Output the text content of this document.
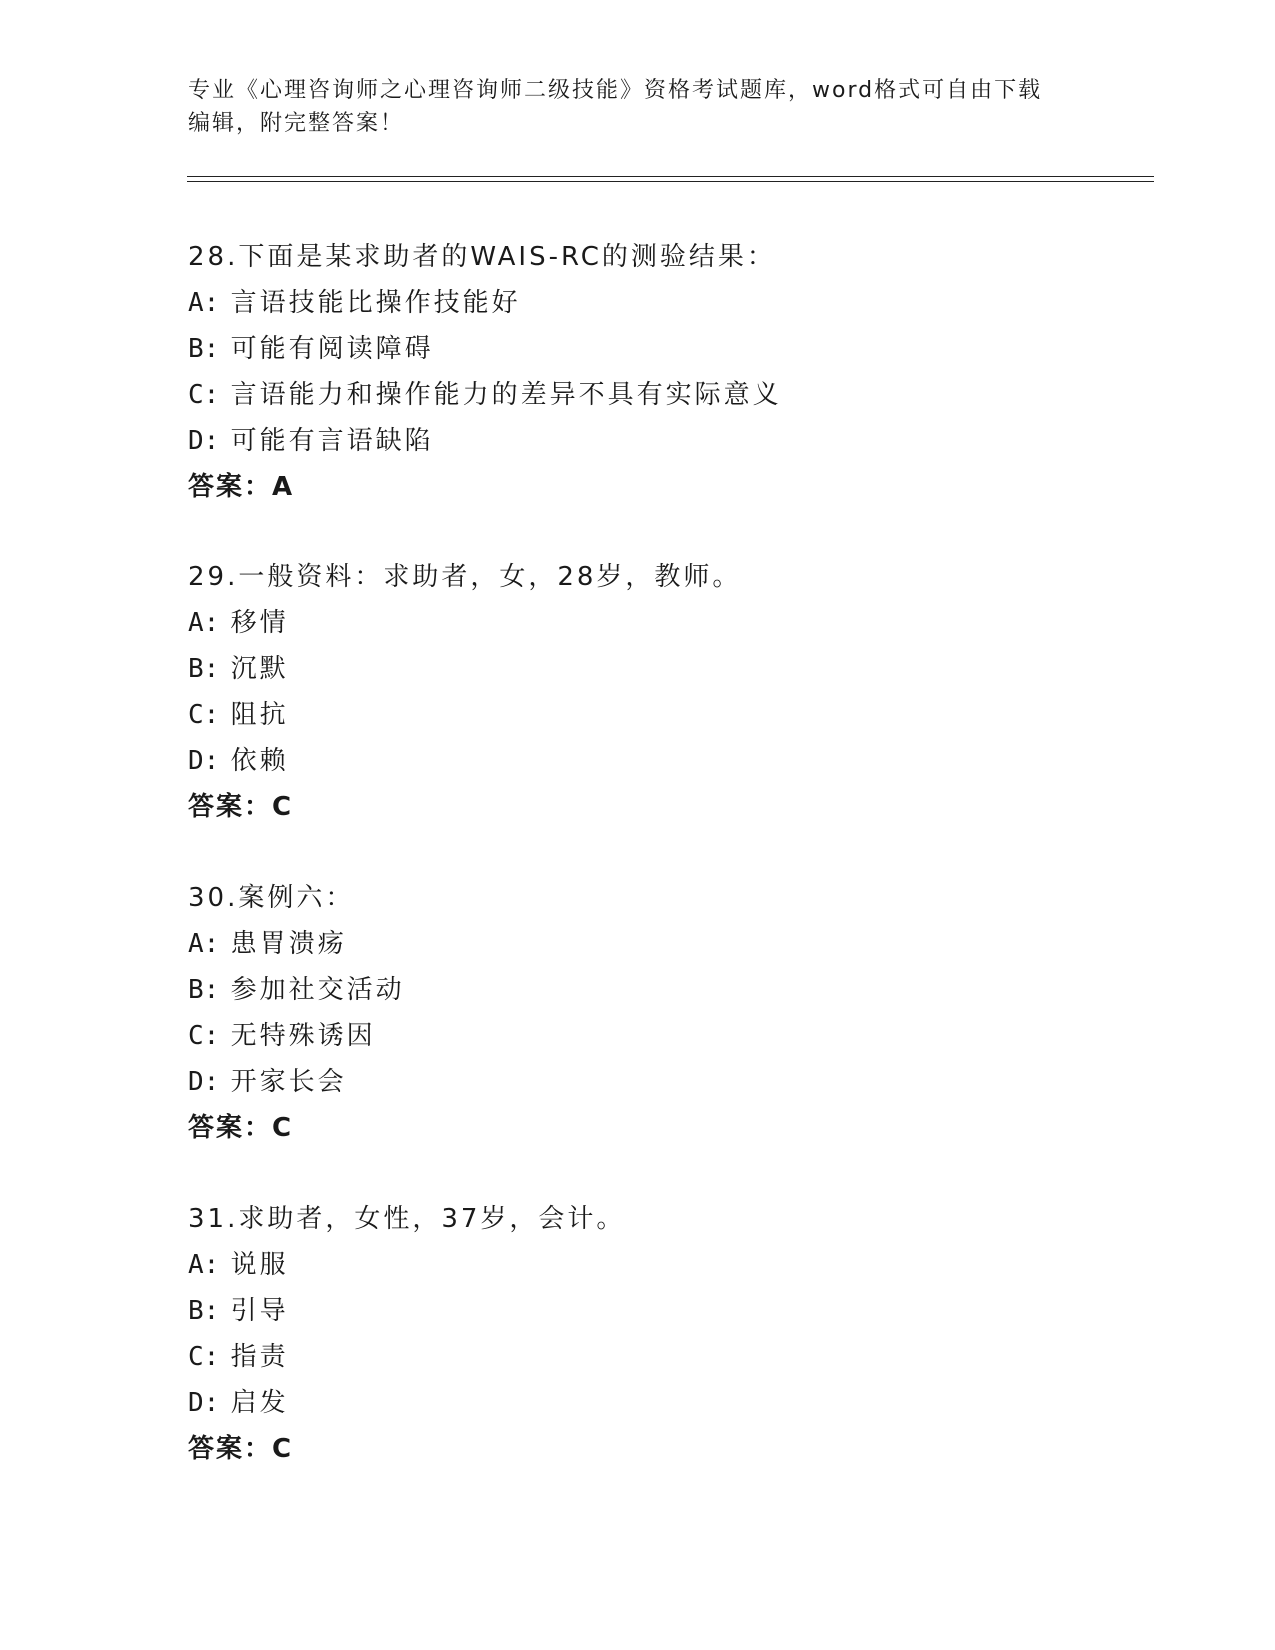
专业《心理咨询师之心理咨询师二级技能》资格考试题库，word格式可自由下载
编辑，附完整答案！
28.下面是某求助者的WAIS-RC的测验结果：
A: 言语技能比操作技能好
B: 可能有阅读障碍
C: 言语能力和操作能力的差异不具有实际意义
D: 可能有言语缺陷
答案：A
29.一般资料：求助者，女，28岁，教师。
A: 移情
B: 沉默
C: 阻抗
D: 依赖
答案：C
30.案例六：
A: 患胃溃疡
B: 参加社交活动
C: 无特殊诱因
D: 开家长会
答案：C
31.求助者，女性，37岁，会计。
A: 说服
B: 引导
C: 指责
D: 启发
答案：C
